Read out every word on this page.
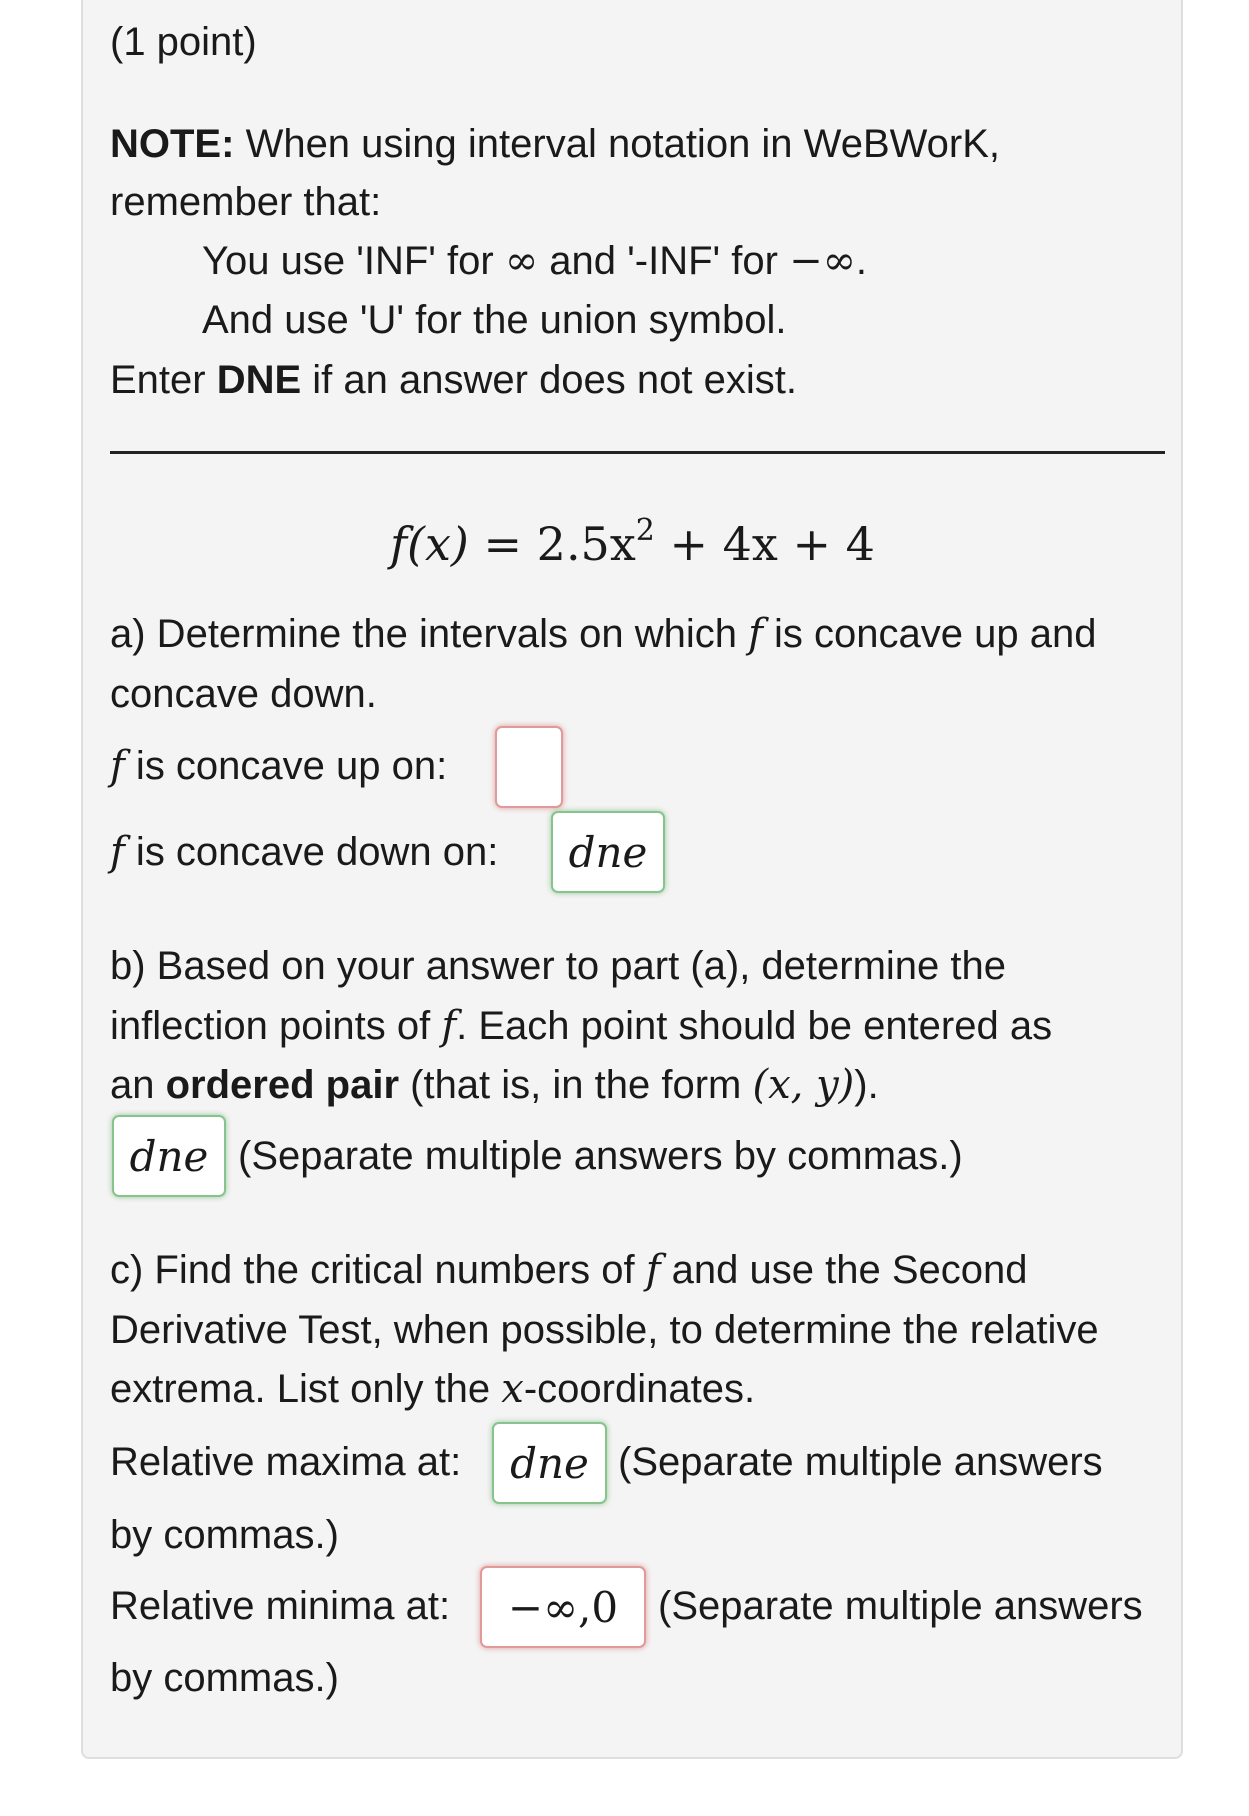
(1 point)
NOTE: When using interval notation in WeBWorK,
remember that:
You use 'INF' for ∞ and '-INF' for −∞.
And use 'U' for the union symbol.
Enter DNE if an answer does not exist.
$f(x) = 2.5x^2 + 4x + 4$
a) Determine the intervals on which f is concave up and
concave down.
f is concave up on:
f is concave down on: dne
b) Based on your answer to part (a), determine the
inflection points of f. Each point should be entered as
an ordered pair (that is, in the form (x, y)).
dne (Separate multiple answers by commas.)
c) Find the critical numbers of f and use the Second
Derivative Test, when possible, to determine the relative
extrema. List only the x-coordinates.
Relative maxima at: dne (Separate multiple answers
by commas.)
Relative minima at: −∞,0 (Separate multiple answers
by commas.)
